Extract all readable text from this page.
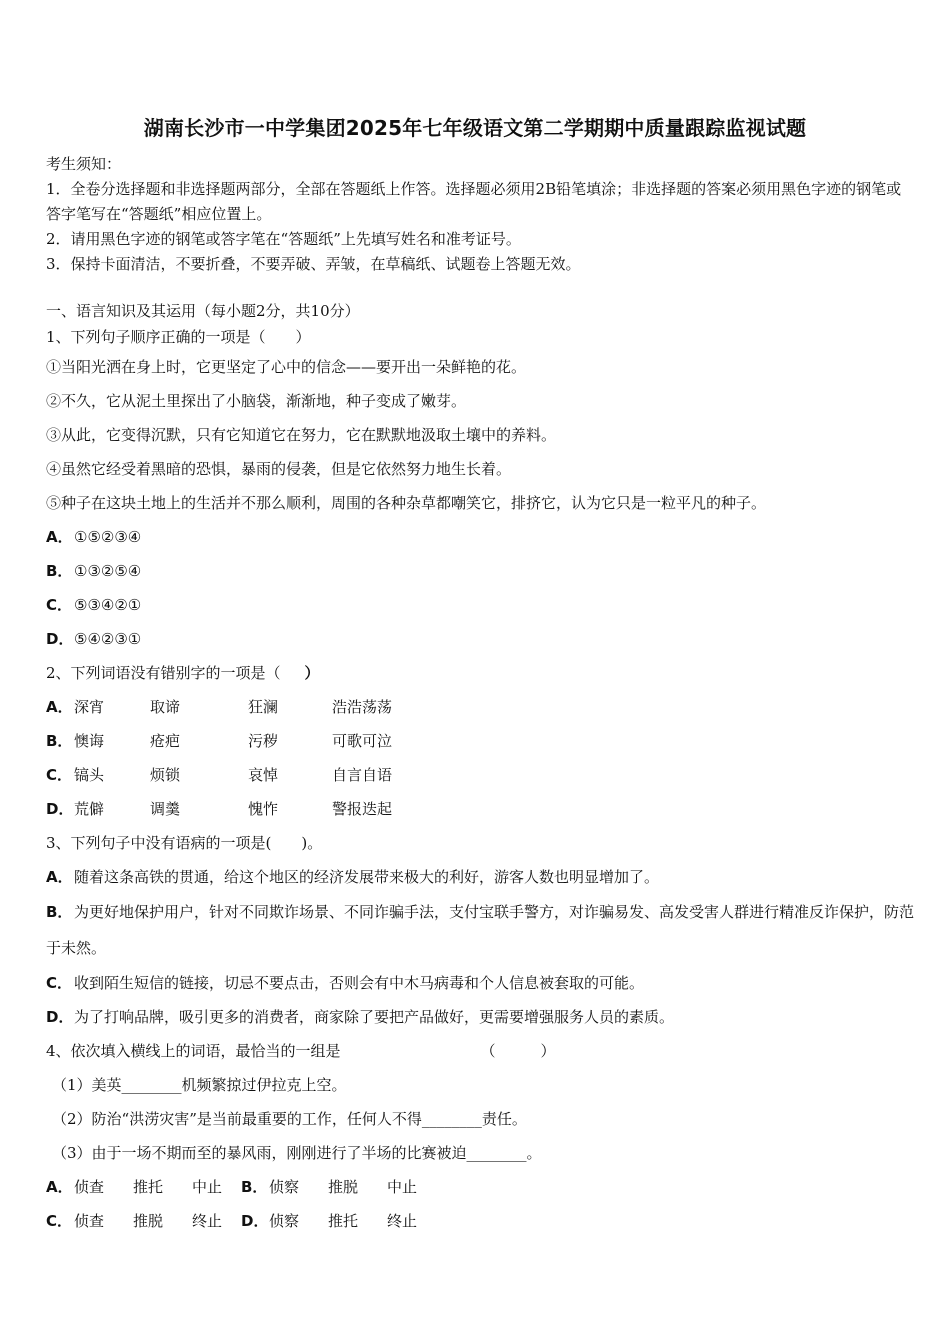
湖南长沙市一中学集团2025年七年级语文第二学期期中质量跟踪监视试题

考生须知：

1．全卷分选择题和非选择题两部分，全部在答题纸上作答。选择题必须用2B铅笔填涂；非选择题的答案必须用黑色字迹的钢笔或答字笔写在“答题纸”相应位置上。

2．请用黑色字迹的钢笔或答字笔在“答题纸”上先填写姓名和准考证号。

3．保持卡面清洁，不要折叠，不要弄破、弄皱，在草稿纸、试题卷上答题无效。

一、语言知识及其运用（每小题2分，共10分）
1、下列句子顺序正确的一项是（　　）
①当阳光洒在身上时，它更坚定了心中的信念——要开出一朵鲜艳的花。
②不久，它从泥土里探出了小脑袋，渐渐地，种子变成了嫩芽。
③从此，它变得沉默，只有它知道它在努力，它在默默地汲取土壤中的养料。
④虽然它经受着黑暗的恐惧，暴雨的侵袭，但是它依然努力地生长着。
⑤种子在这块土地上的生活并不那么顺利，周围的各种杂草都嘲笑它，排挤它，认为它只是一粒平凡的种子。
A．①⑤②③④
B． ①③②⑤④
C． ⑤③④②①
D．⑤④②③①
2、下列词语没有错别字的一项是（ ）
A．深宵	取谛	狂澜	浩浩荡荡
B． 懊诲	疮疤	污秽	可歌可泣
C． 镐头	烦锁	哀悼	自言自语
D．荒僻	调羹	愧怍	警报迭起
3、下列句子中没有语病的一项是(　　)。
A．随着这条高铁的贯通，给这个地区的经济发展带来极大的利好，游客人数也明显增加了。
B． 为更好地保护用户，针对不同欺诈场景、不同诈骗手法，支付宝联手警方，对诈骗易发、高发受害人群进行精准反诈保护，防范于未然。
C． 收到陌生短信的链接，切忌不要点击，否则会有中木马病毒和个人信息被套取的可能。
D．为了打响品牌，吸引更多的消费者，商家除了要把产品做好，更需要增强服务人员的素质。
4、依次填入横线上的词语，最恰当的一组是	（　　　）
（1）美英________机频繁掠过伊拉克上空。
（2）防治“洪涝灾害”是当前最重要的工作，任何人不得________责任。
（3）由于一场不期而至的暴风雨，刚刚进行了半场的比赛被迫________。
A．侦查 推托 中止 B． 侦察 推脱 中止
C． 侦查 推脱 终止 D．侦察 推托 终止
